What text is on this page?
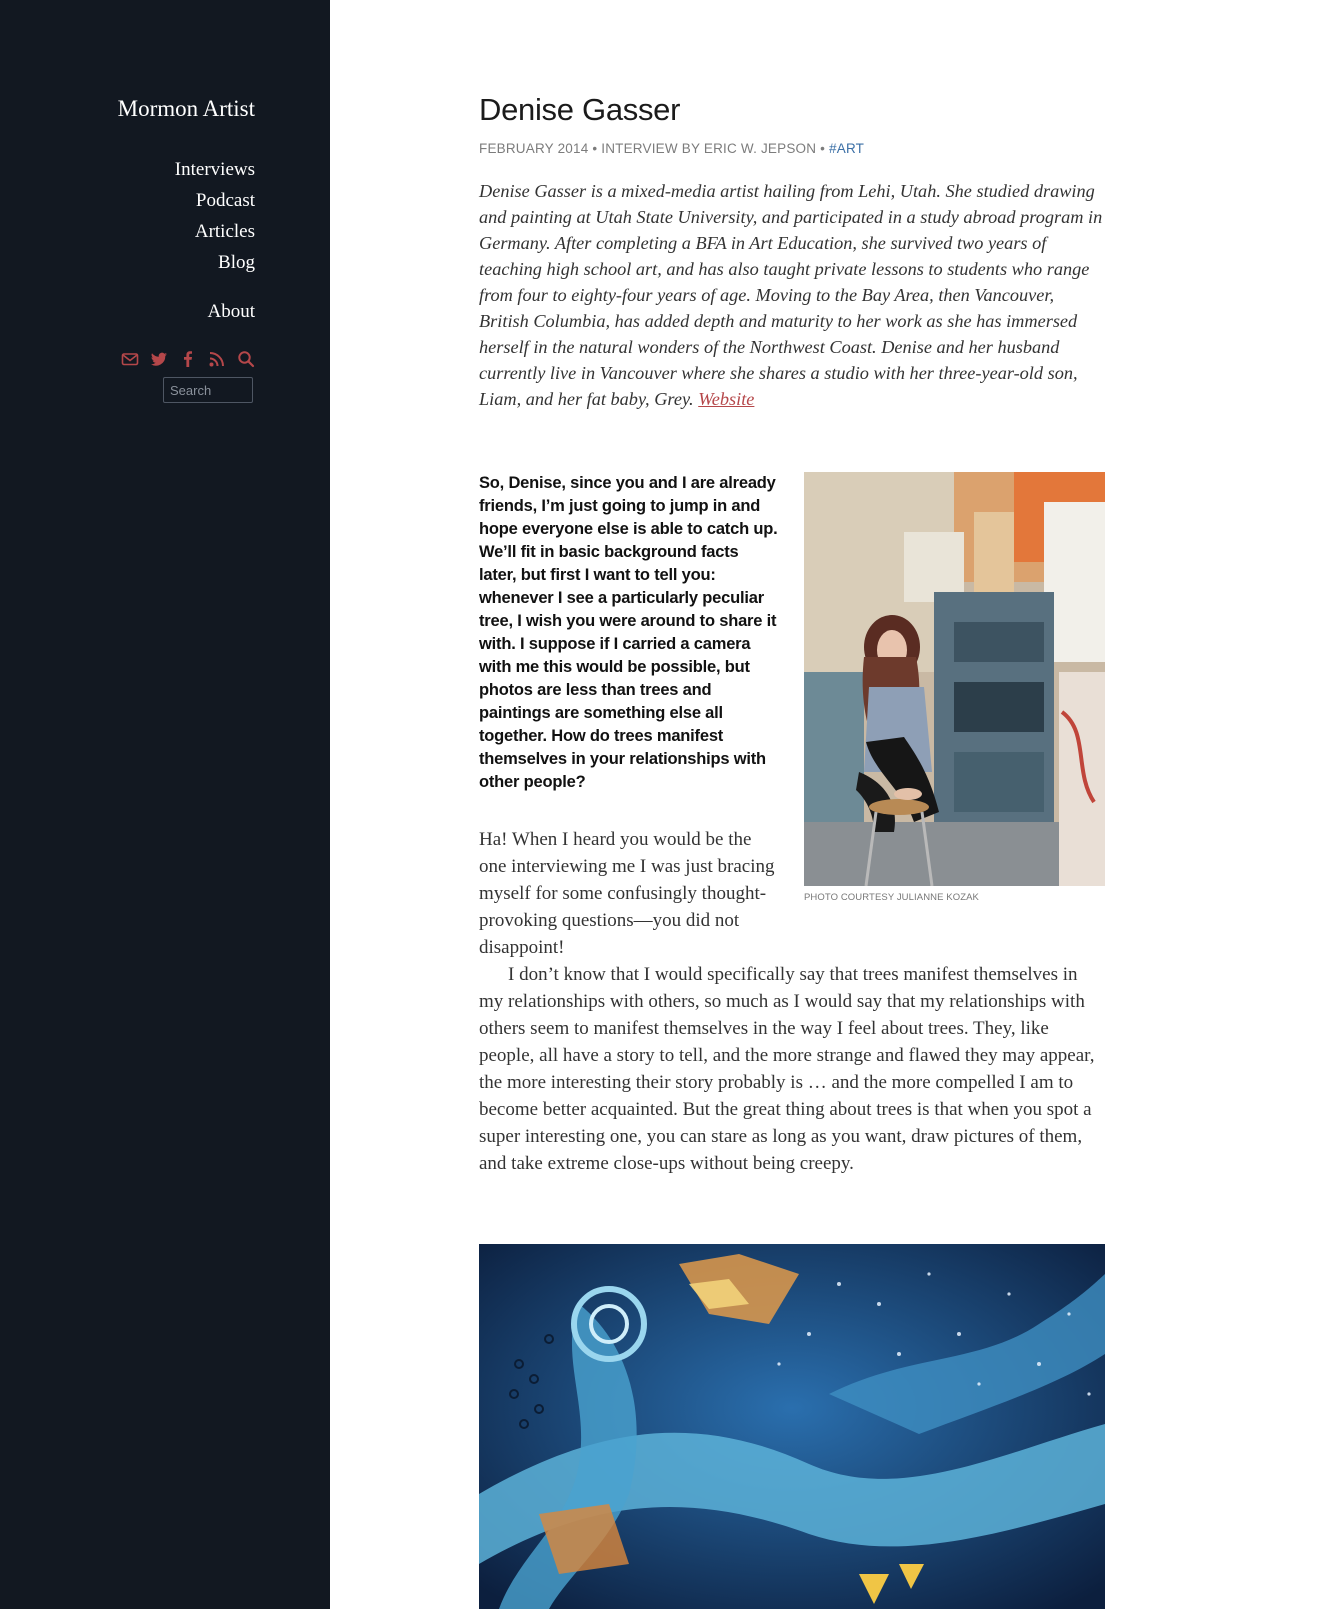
Mormon Artist
Interviews
Podcast
Articles
Blog
About
Search
Denise Gasser
FEBRUARY 2014 • INTERVIEW BY ERIC W. JEPSON • #ART

Denise Gasser is a mixed-media artist hailing from Lehi, Utah. She studied drawing and painting at Utah State University, and participated in a study abroad program in Germany. After completing a BFA in Art Education, she survived two years of teaching high school art, and has also taught private lessons to students who range from four to eighty-four years of age. Moving to the Bay Area, then Vancouver, British Columbia, has added depth and maturity to her work as she has immersed herself in the natural wonders of the Northwest Coast. Denise and her husband currently live in Vancouver where she shares a studio with her three-year-old son, Liam, and her fat baby, Grey. Website

So, Denise, since you and I are already friends, I’m just going to jump in and hope everyone else is able to catch up. We’ll fit in basic background facts later, but first I want to tell you: whenever I see a particularly peculiar tree, I wish you were around to share it with. I suppose if I carried a camera with me this would be possible, but photos are less than trees and paintings are something else all together. How do trees manifest themselves in your relationships with other people?

PHOTO COURTESY JULIANNE KOZAK

Ha! When I heard you would be the one interviewing me I was just bracing myself for some confusingly thought-provoking questions—you did not disappoint!

I don’t know that I would specifically say that trees manifest themselves in my relationships with others, so much as I would say that my relationships with others seem to manifest themselves in the way I feel about trees. They, like people, all have a story to tell, and the more strange and flawed they may appear, the more interesting their story probably is … and the more compelled I am to become better acquainted. But the great thing about trees is that when you spot a super interesting one, you can stare as long as you want, draw pictures of them, and take extreme close-ups without being creepy.
